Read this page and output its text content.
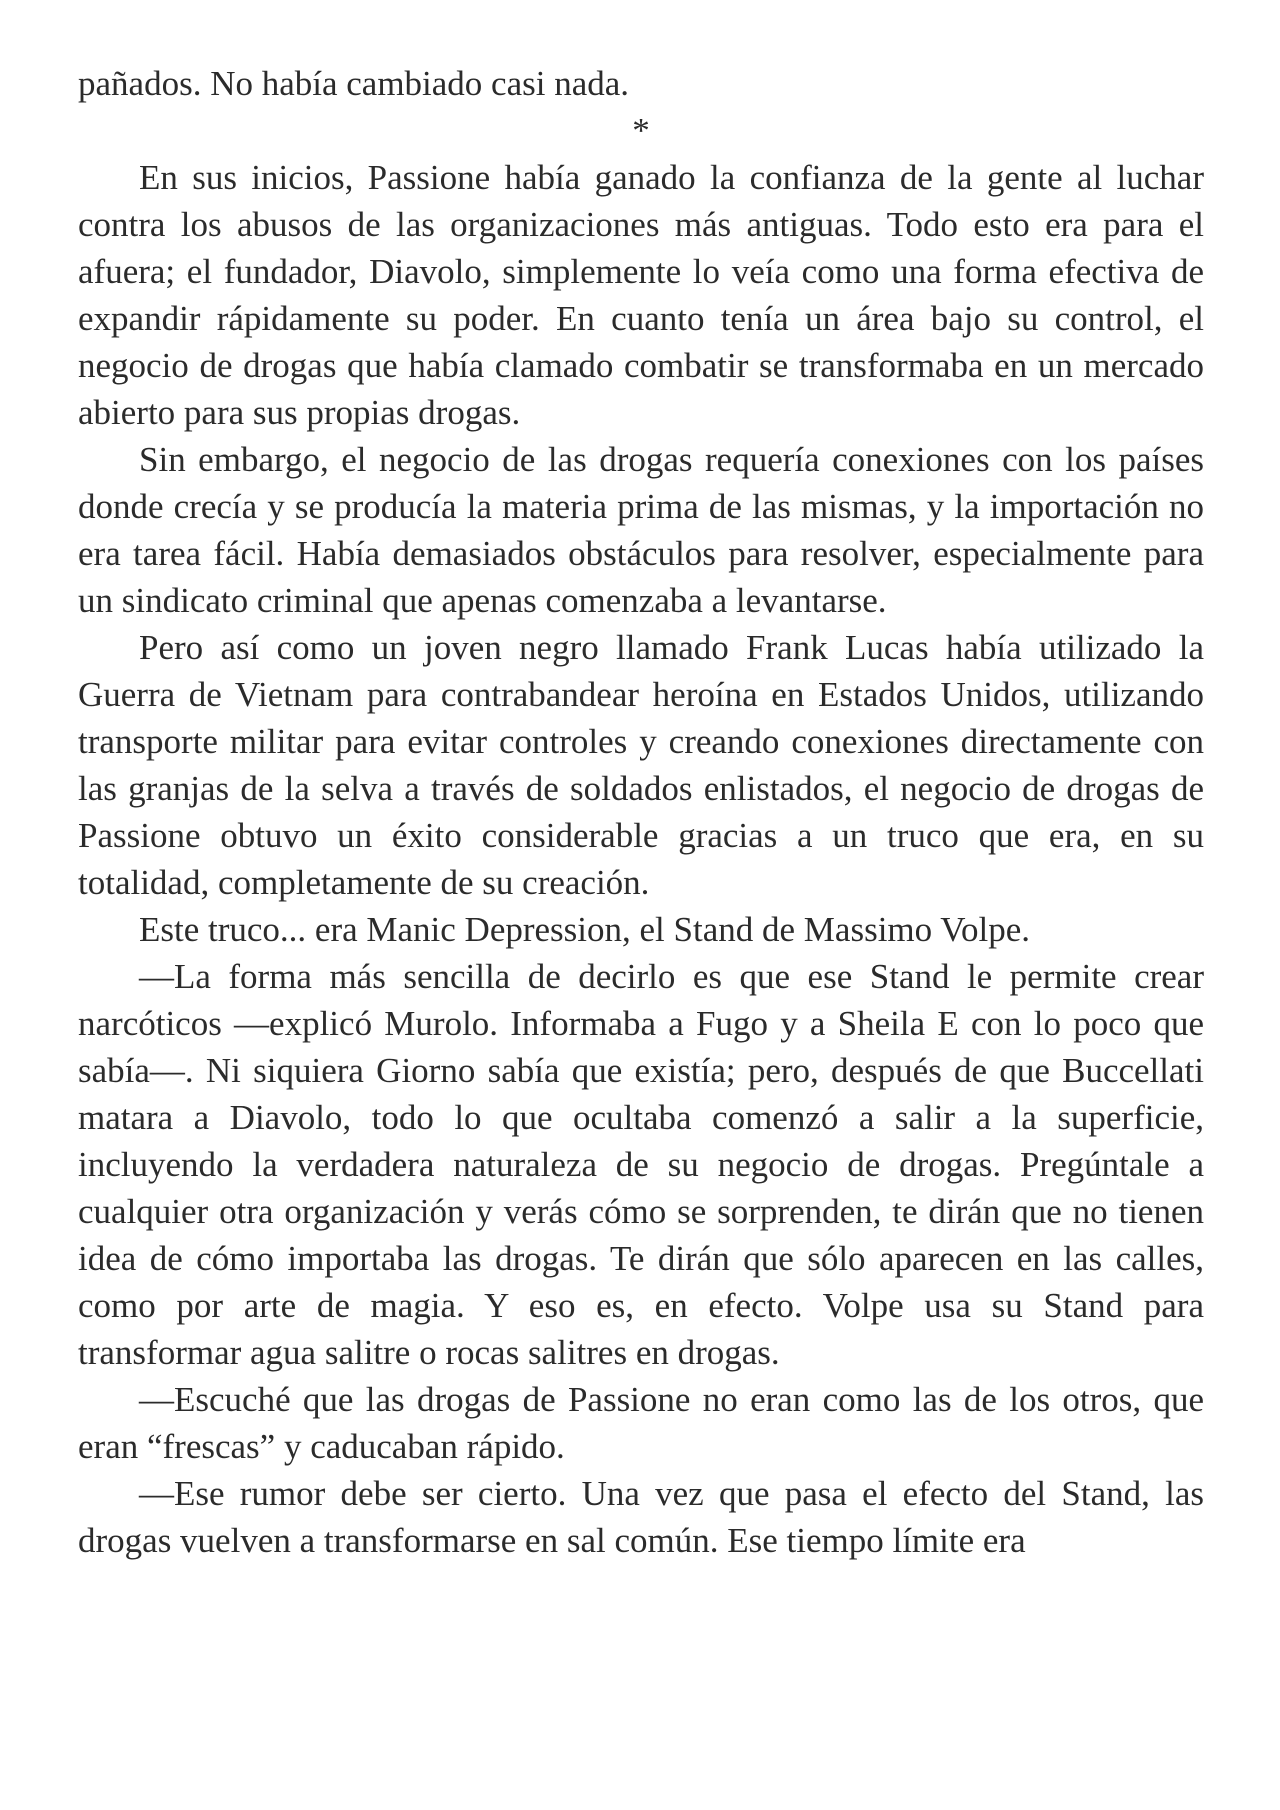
pañados. No había cambiado casi nada.

*

En sus inicios, Passione había ganado la confianza de la gente al luchar contra los abusos de las organizaciones más antiguas. Todo esto era para el afuera; el fundador, Diavolo, simplemente lo veía como una forma efectiva de expandir rápidamente su poder. En cuanto tenía un área bajo su control, el negocio de drogas que había clamado combatir se transformaba en un mercado abierto para sus propias drogas.

Sin embargo, el negocio de las drogas requería conexiones con los países donde crecía y se producía la materia prima de las mismas, y la importación no era tarea fácil. Había demasiados obstáculos para resolver, especialmente para un sindicato criminal que apenas comenzaba a levantarse.

Pero así como un joven negro llamado Frank Lucas había utilizado la Guerra de Vietnam para contrabandear heroína en Estados Unidos, utilizando transporte militar para evitar controles y creando conexiones directamente con las granjas de la selva a través de soldados enlistados, el negocio de drogas de Passione obtuvo un éxito considerable gracias a un truco que era, en su totalidad, completamente de su creación.

Este truco... era Manic Depression, el Stand de Massimo Volpe.

—La forma más sencilla de decirlo es que ese Stand le permite crear narcóticos —explicó Murolo. Informaba a Fugo y a Sheila E con lo poco que sabía—. Ni siquiera Giorno sabía que existía; pero, después de que Buccellati matara a Diavolo, todo lo que ocultaba comenzó a salir a la superficie, incluyendo la verdadera naturaleza de su negocio de drogas. Pregúntale a cualquier otra organización y verás cómo se sorprenden, te dirán que no tienen idea de cómo importaba las drogas. Te dirán que sólo aparecen en las calles, como por arte de magia. Y eso es, en efecto. Volpe usa su Stand para transformar agua salitre o rocas salitres en drogas.

—Escuché que las drogas de Passione no eran como las de los otros, que eran “frescas” y caducaban rápido.

—Ese rumor debe ser cierto. Una vez que pasa el efecto del Stand, las drogas vuelven a transformarse en sal común. Ese tiempo límite era
